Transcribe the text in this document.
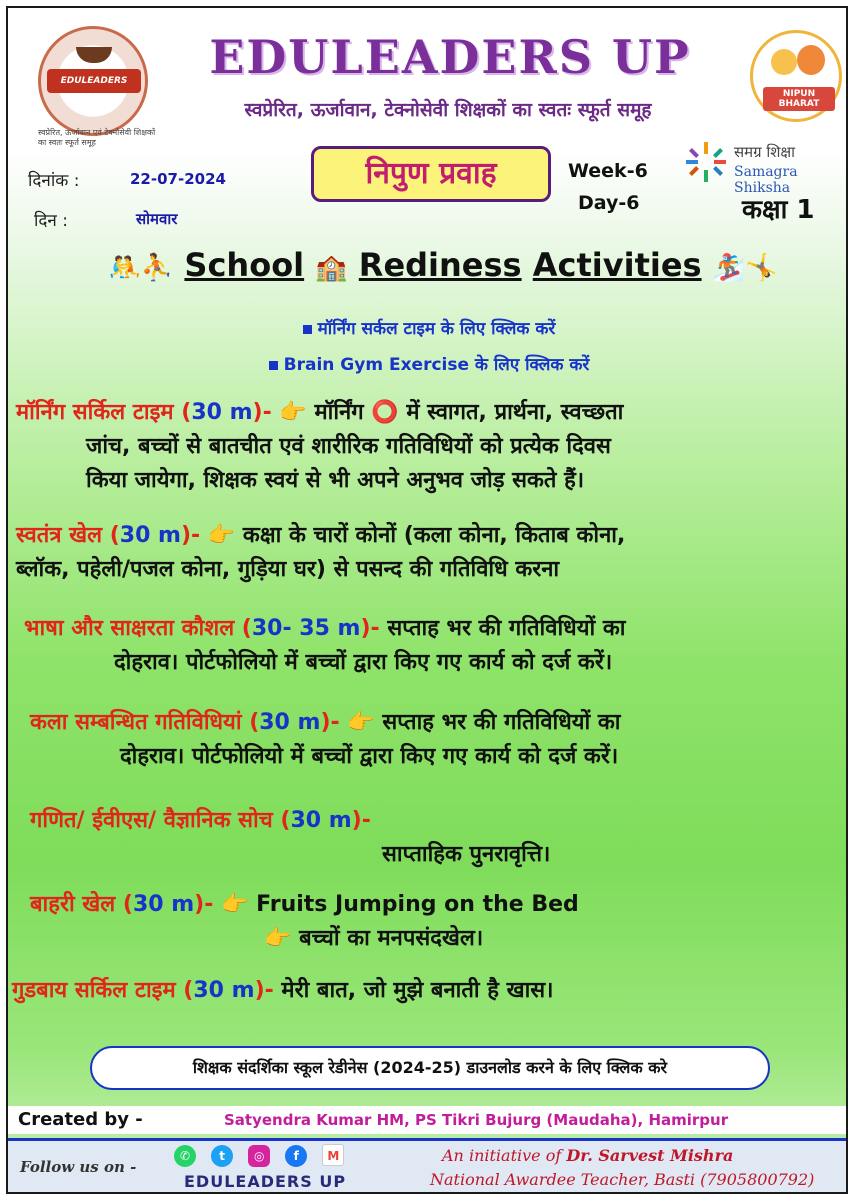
EDULEADERS
स्वप्रेरित, ऊर्जावान एवं टेक्नोसेवी शिक्षकों का स्वतः स्फूर्त समूह
EDULEADERS UP
स्वप्रेरित, ऊर्जावान, टेक्नोसेवी शिक्षकों का स्वतः स्फूर्त समूह
NIPUN BHARAT
दिनांक :	22-07-2024
दिन :	सोमवार
निपुण प्रवाह	Week-6
Day-6
समग्र शिक्षा
Samagra Shiksha
कक्षा 1
🤼⛹ School 🏫 Rediness Activities 🏂🤸
मॉर्निंग सर्कल टाइम के लिए क्लिक करें
Brain Gym Exercise के लिए क्लिक करें
मॉर्निंग सर्किल टाइम (30 m)- 👉 मॉर्निंग ⭕ में स्वागत, प्रार्थना, स्वच्छता
जांच, बच्चों से बातचीत एवं शारीरिक गतिविधियों को प्रत्येक दिवस
किया जायेगा, शिक्षक स्वयं से भी अपने अनुभव जोड़ सकते हैं।
स्वतंत्र खेल (30 m)- 👉 कक्षा के चारों कोनों (कला कोना, किताब कोना,
ब्लॉक, पहेली/पजल कोना, गुड़िया घर) से पसन्द की गतिविधि करना
भाषा और साक्षरता कौशल (30- 35 m)- सप्ताह भर की गतिविधियों का
दोहराव। पोर्टफोलियो में बच्चों द्वारा किए गए कार्य को दर्ज करें।
कला सम्बन्धित गतिविधियां (30 m)- 👉 सप्ताह भर की गतिविधियों का
दोहराव। पोर्टफोलियो में बच्चों द्वारा किए गए कार्य को दर्ज करें।
गणित/ ईवीएस/ वैज्ञानिक सोच (30 m)-
साप्ताहिक पुनरावृत्ति।
बाहरी खेल (30 m)- 👉 Fruits Jumping on the Bed
👉 बच्चों का मनपसंदखेल।
गुडबाय सर्किल टाइम (30 m)- मेरी बात, जो मुझे बनाती है खास।
शिक्षक संदर्शिका स्कूल रेडीनेस (2024-25) डाउनलोड करने के लिए क्लिक करे
Created by -	Satyendra Kumar HM, PS Tikri Bujurg (Maudaha), Hamirpur
Follow us on -
✆ t ◎ f M
EDULEADERS UP
An initiative of Dr. Sarvest Mishra
National Awardee Teacher, Basti (7905800792)
